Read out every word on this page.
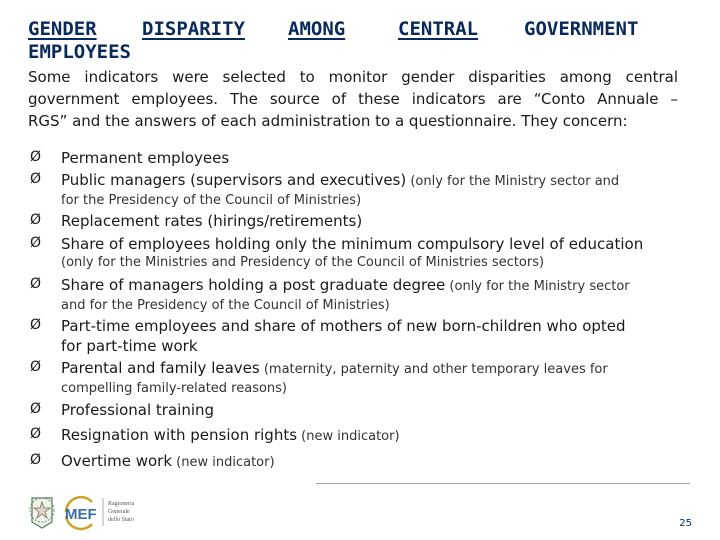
GENDER DISPARITY AMONG	CENTRAL GOVERNMENT
EMPLOYEES

Some indicators were selected to monitor gender disparities among central
government employees. The source of these indicators are “Conto Annuale –
RGS” and the answers of each administration to a questionnaire. They concern:

Ø Permanent employees
Ø Public managers (supervisors and executives) (only for the Ministry sector and
for the Presidency of the Council of Ministries)
Ø Replacement rates (hirings/retirements)
Ø Share of employees holding only the minimum compulsory level of education
(only for the Ministries and Presidency of the Council of Ministries sectors)
Ø Share of managers holding a post graduate degree (only for the Ministry sector
and for the Presidency of the Council of Ministries)
Ø Part-time employees and share of mothers of new born-children who opted
for part-time work
Ø Parental and family leaves (maternity, paternity and other temporary leaves for
compelling family-related reasons)
Ø Professional training
Ø Resignation with pension rights (new indicator)
Ø Overtime work (new indicator)
MEF
Ragioneria
Generale
dello Stato	25
